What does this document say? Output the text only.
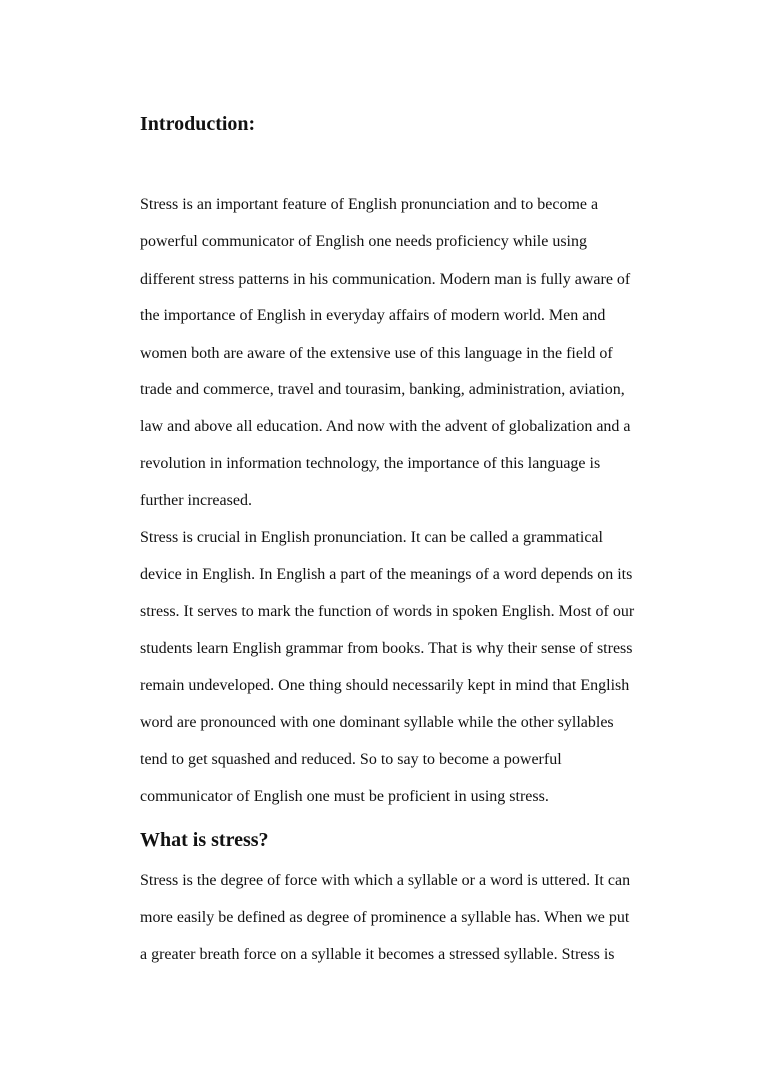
Introduction:

Stress is an important feature of English pronunciation and to become a

powerful communicator of English one needs proficiency while using

different stress patterns in his communication. Modern man is fully aware of

the importance of English in everyday affairs of modern world. Men and

women both are aware of the extensive use of this language in the field of

trade and commerce, travel and tourasim, banking, administration, aviation,

law and above all education. And now with the advent of globalization and a

revolution in information technology, the importance of this language is

further increased.

Stress is crucial in English pronunciation. It can be called a grammatical

device in English. In English a part of the meanings of a word depends on its

stress. It serves to mark the function of words in spoken English. Most of our

students learn English grammar from books. That is why their sense of stress

remain undeveloped. One thing should necessarily kept in mind that English

word are pronounced with one dominant syllable while the other syllables

tend to get squashed and reduced. So to say to become a powerful

communicator of English one must be proficient in using stress.

What is stress?

Stress is the degree of force with which a syllable or a word is uttered. It can

more easily be defined as degree of prominence a syllable has. When we put

a greater breath force on a syllable it becomes a stressed syllable. Stress is
